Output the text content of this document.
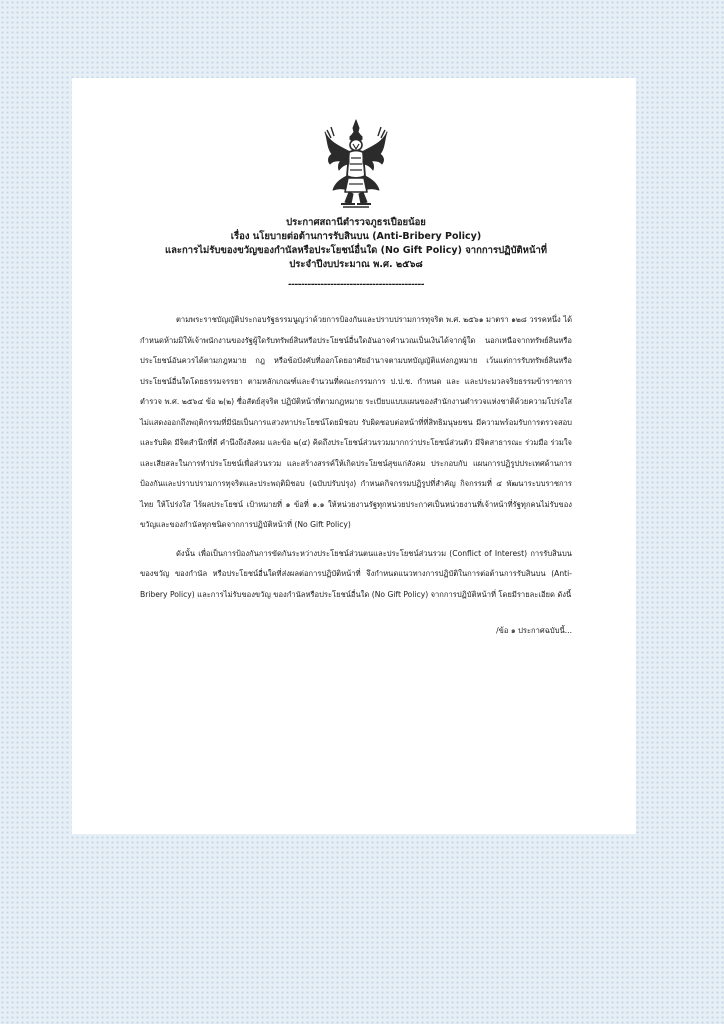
ประกาศสถานีตำรวจภูธรเปือยน้อย
เรื่อง นโยบายต่อต้านการรับสินบน (Anti-Bribery Policy)
และการไม่รับของขวัญของกำนัลหรือประโยชน์อื่นใด (No Gift Policy) จากการปฏิบัติหน้าที่
ประจำปีงบประมาณ พ.ศ. ๒๕๖๘
------------------------------------------

ตามพระราชบัญญัติประกอบรัฐธรรมนูญว่าด้วยการป้องกันและปราบปรามการทุจริต พ.ศ. ๒๕๖๑ มาตรา ๑๒๘ วรรคหนึ่ง ได้กำหนดห้ามมิให้เจ้าพนักงานของรัฐผู้ใดรับทรัพย์สินหรือประโยชน์อื่นใดอันอาจคำนวณเป็นเงินได้จากผู้ใด นอกเหนือจากทรัพย์สินหรือประโยชน์อันควรได้ตามกฎหมาย กฎ หรือข้อบังคับที่ออกโดยอาศัยอำนาจตามบทบัญญัติแห่งกฎหมาย เว้นแต่การรับทรัพย์สินหรือประโยชน์อื่นใดโดยธรรมจรรยา ตามหลักเกณฑ์และจำนวนที่คณะกรรมการ ป.ป.ช. กำหนด และ และประมวลจริยธรรมข้าราชการตำรวจ พ.ศ. ๒๕๖๔ ข้อ ๒(๒) ซื่อสัตย์สุจริต ปฏิบัติหน้าที่ตามกฎหมาย ระเบียบแบบแผนของสำนักงานตำรวจแห่งชาติด้วยความโปร่งใส ไม่แสดงออกถึงพฤติกรรมที่มีนัยเป็นการแสวงหาประโยชน์โดยมิชอบ รับผิดชอบต่อหน้าที่ที่สิทธิมนุษยชน มีความพร้อมรับการตรวจสอบและรับผิด มีจิตสำนึกที่ดี คำนึงถึงสังคม และข้อ ๒(๔) คิดถึงประโยชน์ส่วนรวมมากกว่าประโยชน์ส่วนตัว มีจิตสาธารณะ ร่วมมือ ร่วมใจ และเสียสละในการทำประโยชน์เพื่อส่วนรวม และสร้างสรรค์ให้เกิดประโยชน์สุขแก่สังคม ประกอบกับ แผนการปฏิรูปประเทศด้านการป้องกันและปราบปรามการทุจริตและประพฤติมิชอบ (ฉบับปรับปรุง) กำหนดกิจกรรมปฏิรูปที่สำคัญ กิจกรรมที่ ๔ พัฒนาระบบราชการไทย ให้โปร่งใส ไร้ผลประโยชน์ เป้าหมายที่ ๑ ข้อที่ ๑.๑ ให้หน่วยงานรัฐทุกหน่วยประกาศเป็นหน่วยงานที่เจ้าหน้าที่รัฐทุกคนไม่รับของขวัญและของกำนัลทุกชนิดจากการปฏิบัติหน้าที่ (No Gift Policy)

ดังนั้น เพื่อเป็นการป้องกันการขัดกันระหว่างประโยชน์ส่วนตนและประโยชน์ส่วนรวม (Conflict of Interest) การรับสินบน ของขวัญ ของกำนัล หรือประโยชน์อื่นใดที่ส่งผลต่อการปฏิบัติหน้าที่ จึงกำหนดแนวทางการปฏิบัติในการต่อต้านการรับสินบน (Anti-Bribery Policy) และการไม่รับของขวัญ ของกำนัลหรือประโยชน์อื่นใด (No Gift Policy) จากการปฏิบัติหน้าที่ โดยมีรายละเอียด ดังนี้

/ข้อ ๑ ประกาศฉบับนี้...
